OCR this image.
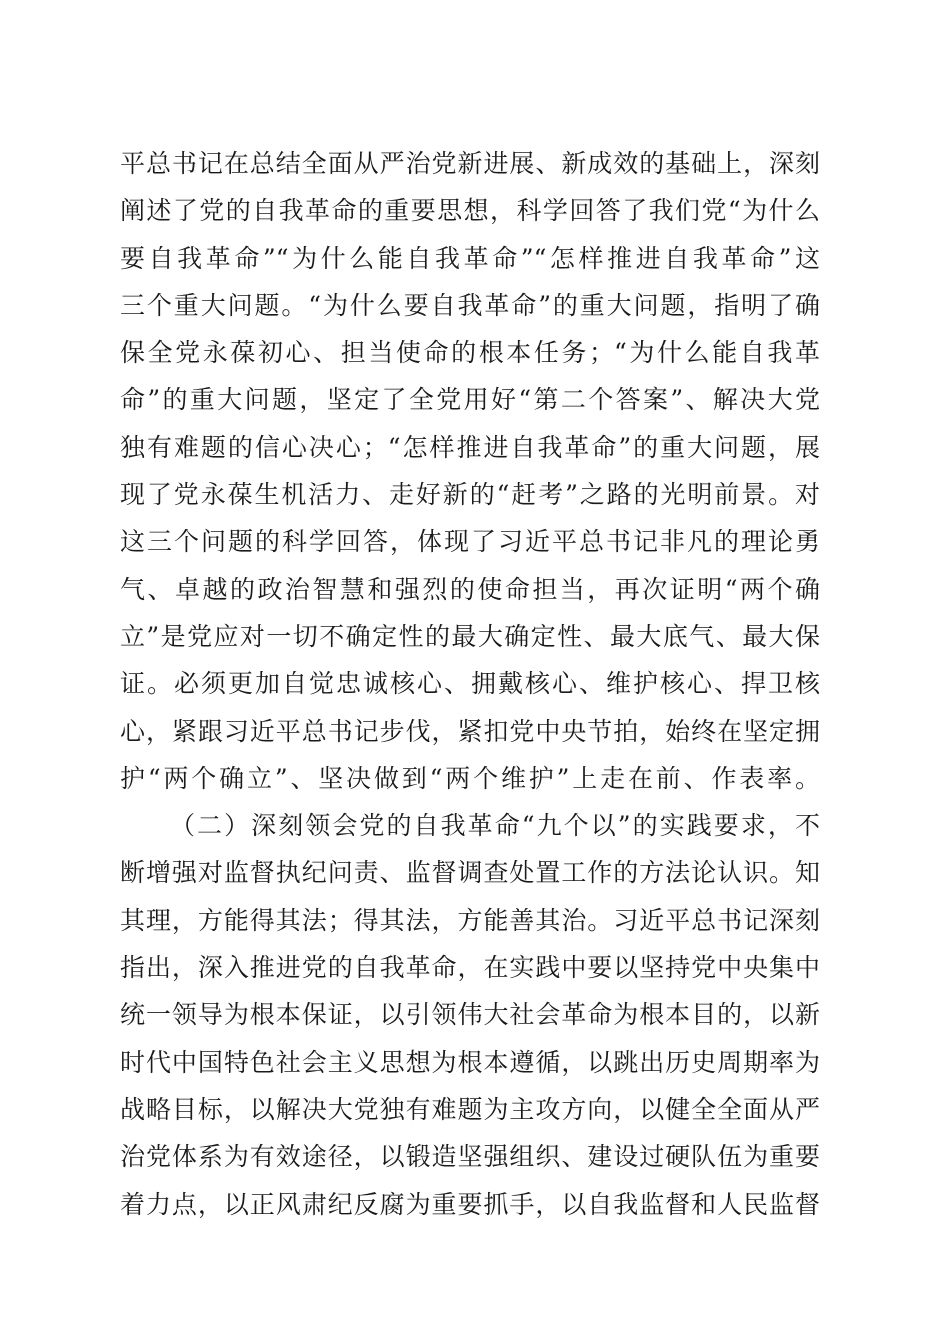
平总书记在总结全面从严治党新进展、新成效的基础上，深刻
阐述了党的自我革命的重要思想，科学回答了我们党“为什么
要自我革命”“为什么能自我革命”“怎样推进自我革命”这
三个重大问题。“为什么要自我革命”的重大问题，指明了确
保全党永葆初心、担当使命的根本任务；“为什么能自我革
命”的重大问题，坚定了全党用好“第二个答案”、解决大党
独有难题的信心决心；“怎样推进自我革命”的重大问题，展
现了党永葆生机活力、走好新的“赶考”之路的光明前景。对
这三个问题的科学回答，体现了习近平总书记非凡的理论勇
气、卓越的政治智慧和强烈的使命担当，再次证明“两个确
立”是党应对一切不确定性的最大确定性、最大底气、最大保
证。必须更加自觉忠诚核心、拥戴核心、维护核心、捍卫核
心，紧跟习近平总书记步伐，紧扣党中央节拍，始终在坚定拥
护“两个确立”、坚决做到“两个维护”上走在前、作表率。
（二）深刻领会党的自我革命“九个以”的实践要求，不
断增强对监督执纪问责、监督调查处置工作的方法论认识。知
其理，方能得其法；得其法，方能善其治。习近平总书记深刻
指出，深入推进党的自我革命，在实践中要以坚持党中央集中
统一领导为根本保证，以引领伟大社会革命为根本目的，以新
时代中国特色社会主义思想为根本遵循，以跳出历史周期率为
战略目标，以解决大党独有难题为主攻方向，以健全全面从严
治党体系为有效途径，以锻造坚强组织、建设过硬队伍为重要
着力点，以正风肃纪反腐为重要抓手，以自我监督和人民监督
